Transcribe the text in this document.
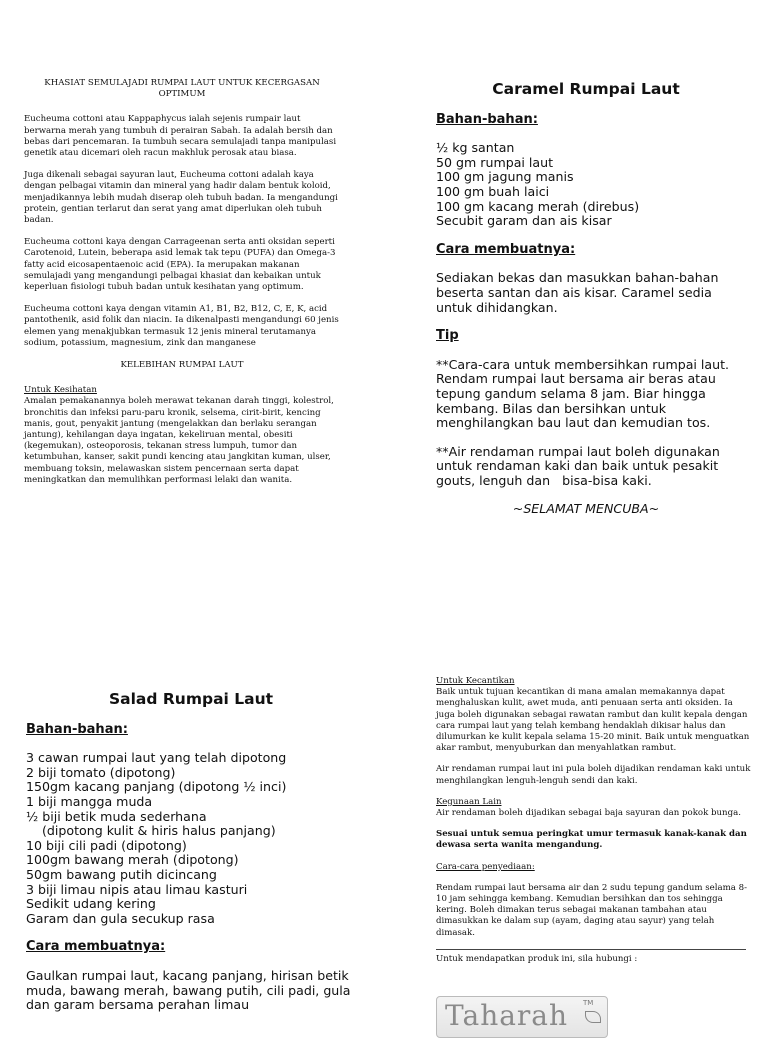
KHASIAT SEMULAJADI RUMPAI LAUT UNTUK KECERGASAN OPTIMUM

Eucheuma cottoni atau Kappaphycus ialah sejenis rumpair laut berwarna merah yang tumbuh di perairan Sabah. Ia adalah bersih dan bebas dari pencemaran. Ia tumbuh secara semulajadi tanpa manipulasi genetik atau dicemari oleh racun makhluk perosak atau biasa.

Juga dikenali sebagai sayuran laut, Eucheuma cottoni adalah kaya dengan pelbagai vitamin dan mineral yang hadir dalam bentuk koloid, menjadikannya lebih mudah diserap oleh tubuh badan. Ia mengandungi protein, gentian terlarut dan serat yang amat diperlukan oleh tubuh badan.

Eucheuma cottoni kaya dengan Carrageenan serta anti oksidan seperti Carotenoid, Lutein, beberapa asid lemak tak tepu (PUFA) dan Omega-3 fatty acid eicosapentaenoic acid (EPA). Ia merupakan makanan semulajadi yang mengandungi pelbagai khasiat dan kebaikan untuk keperluan fisiologi tubuh badan untuk kesihatan yang optimum.

Eucheuma cottoni kaya dengan vitamin A1, B1, B2, B12, C, E, K, acid pantothenik, asid folik dan niacin. Ia dikenalpasti mengandungi 60 jenis elemen yang menakjubkan termasuk 12 jenis mineral terutamanya sodium, potassium, magnesium, zink dan manganese

KELEBIHAN RUMPAI LAUT

Untuk Kesihatan

Amalan pemakanannya boleh merawat tekanan darah tinggi, kolestrol, bronchitis dan infeksi paru-paru kronik, selsema, cirit-birit, kencing manis, gout, penyakit jantung (mengelakkan dan berlaku serangan jantung), kehilangan daya ingatan, kekeliruan mental, obesiti (kegemukan), osteoporosis, tekanan stress lumpuh, tumor dan ketumbuhan, kanser, sakit pundi kencing atau jangkitan kuman, ulser, membuang toksin, melawaskan sistem pencernaan serta dapat meningkatkan dan memulihkan performasi lelaki dan wanita.

Caramel Rumpai Laut

Bahan-bahan:

½ kg santan

50 gm rumpai laut

100 gm jagung manis

100 gm buah laici

100 gm kacang merah (direbus)

Secubit garam dan ais kisar

Cara membuatnya:

Sediakan bekas dan masukkan bahan-bahan beserta santan dan ais kisar. Caramel sedia untuk dihidangkan.

Tip

**Cara-cara untuk membersihkan rumpai laut. Rendam rumpai laut bersama air beras atau tepung gandum selama 8 jam. Biar hingga kembang. Bilas dan bersihkan untuk menghilangkan bau laut dan kemudian tos.

**Air rendaman rumpai laut boleh digunakan untuk rendaman kaki dan baik untuk pesakit gouts, lenguh dan   bisa-bisa kaki.

~SELAMAT MENCUBA~

Salad Rumpai Laut

Bahan-bahan:

3 cawan rumpai laut yang telah dipotong

2 biji tomato (dipotong)

150gm kacang panjang (dipotong ½ inci)

1 biji mangga muda

½ biji betik muda sederhana

(dipotong kulit & hiris halus panjang)

10 biji cili padi (dipotong)

100gm bawang merah (dipotong)

50gm bawang putih dicincang

3 biji limau nipis atau limau kasturi

Sedikit udang kering

Garam dan gula secukup rasa

Cara membuatnya:

Gaulkan rumpai laut, kacang panjang, hirisan betik muda, bawang merah, bawang putih, cili padi, gula dan garam bersama perahan limau

Untuk Kecantikan

Baik untuk tujuan kecantikan di mana amalan memakannya dapat menghaluskan kulit, awet muda, anti penuaan serta anti oksiden. Ia juga boleh digunakan sebagai rawatan rambut dan kulit kepala dengan cara rumpai laut yang telah kembang hendaklah dikisar halus dan dilumurkan ke kulit kepala selama 15-20 minit. Baik untuk menguatkan akar rambut, menyuburkan dan menyahlatkan rambut.

Air rendaman rumpai laut ini pula boleh dijadikan rendaman kaki untuk menghilangkan lenguh-lenguh sendi dan kaki.

Kegunaan Lain

Air rendaman boleh dijadikan sebagai baja sayuran dan pokok bunga.

Sesuai untuk semua peringkat umur termasuk kanak-kanak dan dewasa serta wanita mengandung.

Cara-cara penyediaan:

Rendam rumpai laut bersama air dan 2 sudu tepung gandum selama 8-10 jam sehingga kembang. Kemudian bersihkan dan tos sehingga kering. Boleh dimakan terus sebagai makanan tambahan atau dimasukkan ke dalam sup (ayam, daging atau sayur) yang telah dimasak.

Untuk mendapatkan produk ini, sila hubungi :

Taharah TM
